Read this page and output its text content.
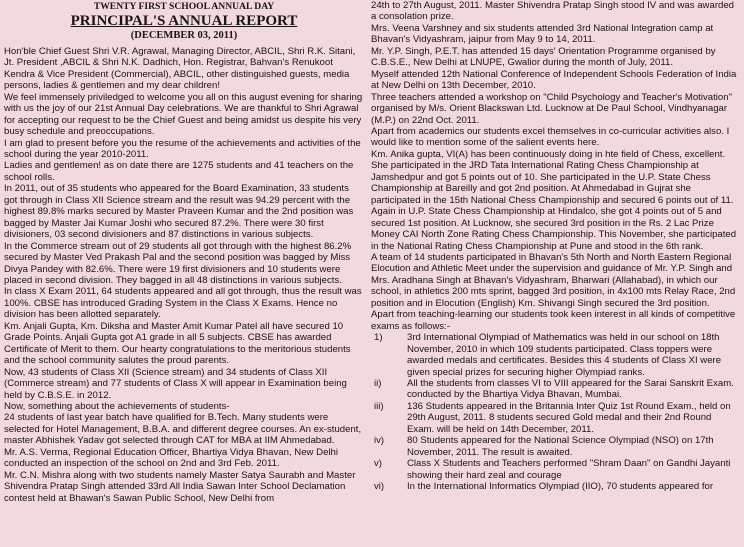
TWENTY FIRST SCHOOL ANNUAL DAY
PRINCIPAL'S ANNUAL REPORT
(DECEMBER 03, 2011)

Hon'ble Chief Guest Shri V.R. Agrawal, Managing Director, ABCIL, Shri R.K. Sitani, Jt. President ,ABCIL & Shri N.K. Dadhich, Hon. Registrar, Bahvan's Renukoot Kendra & Vice President (Commercial), ABCIL, other distinguished guests, media persons, ladies & gentlemen and my dear children!

We feel immensely priviledged to welcome you all on this august evening for sharing with us the joy of our 21st Annual Day celebrations. We are thankful to Shri Agrawal for accepting our request to be the Chief Guest and being amidst us despite his very busy schedule and preoccupations.

I am glad to present before you the resume of the achievements and activities of the school during the year 2010-2011.

Ladies and gentlemen! as on date there are 1275 students and 41 teachers on the school rolls.

In 2011, out of 35 students who appeared for the Board Examination, 33 students got through in Class XII Science stream and the result was 94.29 percent with the highest 89.8% marks secured by Master Praveen Kumar and the 2nd position was bagged by Master Jai Kumar Joshi who secured 87.2%. There were 30 first divisioners, 03 second divisioners and 87 distinctions in various subjects.

In the Commerce stream out of 29 students all got through with the highest 86.2% secured by Master Ved Prakash Pal and the second position was bagged by Miss Divya Pandey with 82.6%. There were 19 first divisioners and 10 students were placed in second division. They bagged in all 48 distinctions in various subjects.

In class X Exam 2011, 64 students appeared and all got through, thus the result was 100%. CBSE has introduced Grading System in the Class X Exams. Hence no division has been allotted separately.

Km. Anjali Gupta, Km. Diksha and Master Amit Kumar Patel all have secured 10 Grade Points. Anjali Gupta got A1 grade in all 5 subjects. CBSE has awarded Certificate of Merit to them. Our hearty congratulations to the meritorious students and the school community salutes the proud parents.

Now, 43 students of Class XII (Science stream) and 34 students of Class XII (Commerce stream) and 77 students of Class X will appear in Examination being held by C.B.S.E. in 2012.

Now, something about the achievements of students-

24 students of last year batch have qualified for B.Tech. Many students were selected for Hotel Management, B.B.A. and different degree courses. An ex-student, master Abhishek Yadav got selected through CAT for MBA at IIM Ahmedabad.

Mr. A.S. Verma, Regional Education Officer, Bhartiya Vidya Bhavan, New Delhi conducted an inspection of the school on 2nd and 3rd Feb. 2011.

Mr. C.N. Mishra along with two students namely Master Satya Saurabh and Master Shivendra Pratap Singh attended 33rd All India Sawan Inter School Declamation contest held at Bhawan's Sawan Public School, New Delhi from

24th to 27th August, 2011. Master Shivendra Pratap Singh stood IV and was awarded a consolation prize.

Mrs. Veena Varshney and six students attended 3rd National Integration camp at Bhavan's Vidyashram, jaipur from May 9 to 14, 2011.

Mr. Y.P. Singh, P.E.T. has attended 15 days' Orientation Programme organised by C.B.S.E., New Delhi at LNUPE, Gwalior during the month of July, 2011.

Myself attended 12th National Conference of Independent Schools Federation of India at New Delhi on 13th December, 2010.

Three teachers attended a workshop on "Child Psychology and Teacher's Motivation" organised by M/s. Orient Blackswan Ltd. Lucknow at De Paul School, Vindhyanagar (M.P.) on 22nd Oct. 2011.

Apart from academics our students excel themselves in co-curricular activities also. I would like to mention some of the salient events here.

Km. Anika gupta, VI(A) has been continuously doing in hte field of Chess, excellent. She participated in the JRD Tata International Rating Chess Championship at Jamshedpur and got 5 points out of 10. She participated in the U.P. State Chess Championship at Bareilly and got 2nd position. At Ahmedabad in Gujrat she participated in the 15th National Chess Championship and secured 6 points out of 11. Again in U.P. State Chess Championship at Hindalco, she got 4 points out of 5 and secured 1st position. At Lucknow, she secured 3rd position in the Rs. 2 Lac Prize Money CAI North Zone Rating Chess Championship. This November, she participated in the National Rating Chess Championship at Pune and stood in the 6th rank.

A team of 14 students participated in Bhavan's 5th North and North Eastern Regional Elocution and Athletic Meet under the supervision and guidance of Mr. Y.P. Singh and Mrs. Aradhana Singh at Bhavan's Vidyashram, Bharwari (Allahabad), in which our school, in athletics 200 mts sprint, bagged 3rd position, in 4x100 mts Relay Race, 2nd position and in Elocution (English) Km. Shivangi Singh secured the 3rd position.

Apart from teaching-learning our students took keen interest in all kinds of competitive exams as follows:-

1)	3rd International Olympiad of Mathematics was held in our school on 18th November, 2010 in which 109 students participated. Class toppers were awarded medals and certificates. Besides this 4 students of Class XI were given special prizes for securing higher Olympiad ranks.
ii)	All the students from classes VI to VIII appeared for the Sarai Sanskrit Exam. conducted by the Bhartiya Vidya Bhavan, Mumbai.
iii)	136 Students appeared in the Britannia Inter Quiz 1st Round Exam., held on 29th August, 2011. 8 students secured Gold medal and their 2nd Round Exam. will be held on 14th December, 2011.
iv)	80 Students appeared for the National Science Olympiad (NSO) on 17th November, 2011. The result is awaited.
v)	Class X Students and Teachers performed "Shram Daan" on Gandhi Jayanti showing their hard zeal and courage
vi)	In the International Informatics Olympiad (IIO), 70 students appeared for
